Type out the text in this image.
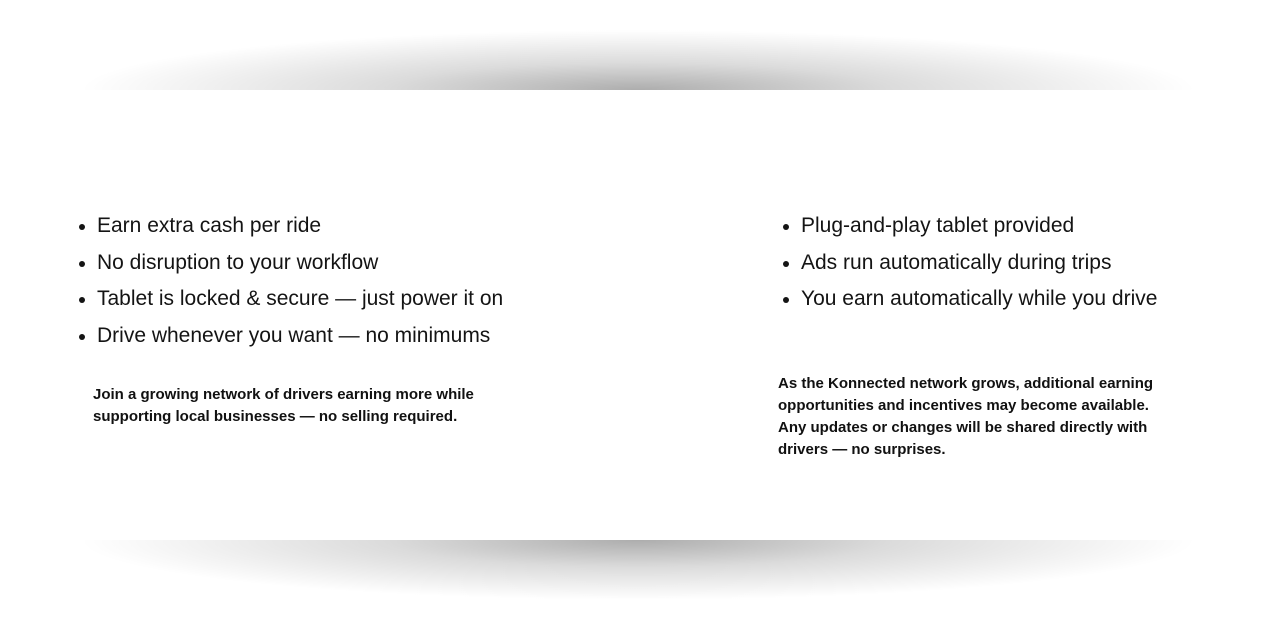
Earn extra cash per ride
No disruption to your workflow
Tablet is locked & secure — just power it on
Drive whenever you want — no minimums
Plug-and-play tablet provided
Ads run automatically during trips
You earn automatically while you drive

Join a growing network of drivers earning more while supporting local businesses — no selling required.

As the Konnected network grows, additional earning opportunities and incentives may become available. Any updates or changes will be shared directly with drivers — no surprises.
